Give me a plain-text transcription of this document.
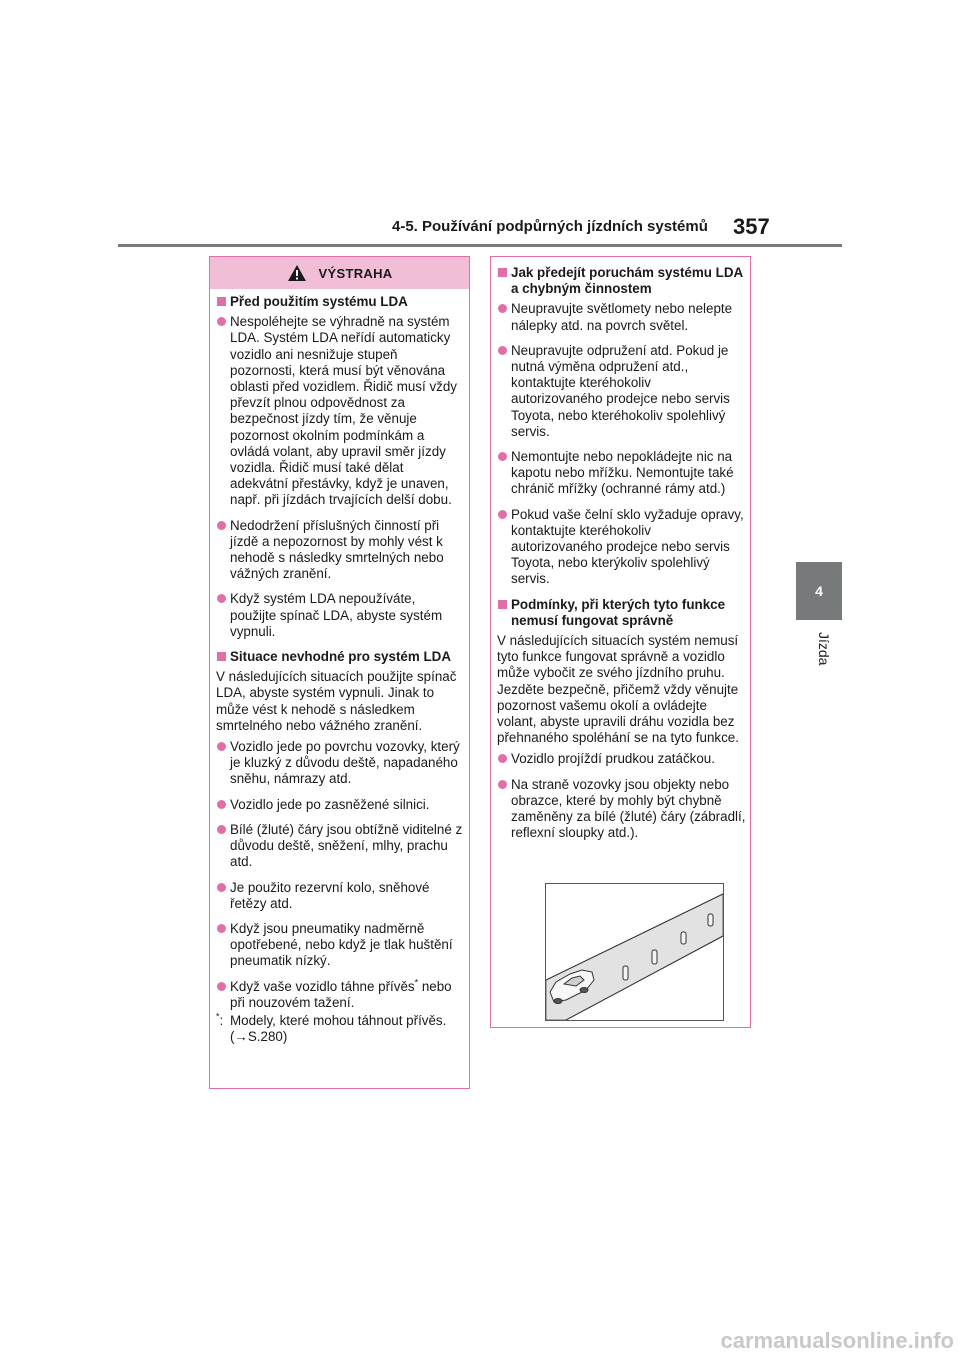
4-5. Používání podpůrných jízdních systémů 357
4
Jízda
VÝSTRAHA
Před použitím systému LDA
Nespoléhejte se výhradně na systém LDA. Systém LDA neřídí automaticky vozidlo ani nesnižuje stupeň pozornosti, která musí být věnována oblasti před vozidlem. Řidič musí vždy převzít plnou odpovědnost za bezpečnost jízdy tím, že věnuje pozornost okolním podmínkám a ovládá volant, aby upravil směr jízdy vozidla. Řidič musí také dělat adekvátní přestávky, když je unaven, např. při jízdách trvajících delší dobu.
Nedodržení příslušných činností při jízdě a nepozornost by mohly vést k nehodě s následky smrtelných nebo vážných zranění.
Když systém LDA nepoužíváte, použijte spínač LDA, abyste systém vypnuli.
Situace nevhodné pro systém LDA
V následujících situacích použijte spínač LDA, abyste systém vypnuli. Jinak to může vést k nehodě s následkem smrtelného nebo vážného zranění.
Vozidlo jede po povrchu vozovky, který je kluzký z důvodu deště, napadaného sněhu, námrazy atd.
Vozidlo jede po zasněžené silnici.
Bílé (žluté) čáry jsou obtížně viditelné z důvodu deště, sněžení, mlhy, prachu atd.
Je použito rezervní kolo, sněhové řetězy atd.
Když jsou pneumatiky nadměrně opotřebené, nebo když je tlak huštění pneumatik nízký.
Když vaše vozidlo táhne přívěs* nebo při nouzovém tažení.
*: Modely, které mohou táhnout přívěs. (→S.280)
Jak předejít poruchám systému LDA a chybným činnostem
Neupravujte světlomety nebo nelepte nálepky atd. na povrch světel.
Neupravujte odpružení atd. Pokud je nutná výměna odpružení atd., kontaktujte kteréhokoliv autorizovaného prodejce nebo servis Toyota, nebo kteréhokoliv spolehlivý servis.
Nemontujte nebo nepokládejte nic na kapotu nebo mřížku. Nemontujte také chránič mřížky (ochranné rámy atd.)
Pokud vaše čelní sklo vyžaduje opravy, kontaktujte kteréhokoliv autorizovaného prodejce nebo servis Toyota, nebo kterýkoliv spolehlivý servis.
Podmínky, při kterých tyto funkce nemusí fungovat správně
V následujících situacích systém nemusí tyto funkce fungovat správně a vozidlo může vybočit ze svého jízdního pruhu. Jezděte bezpečně, přičemž vždy věnujte pozornost vašemu okolí a ovládejte volant, abyste upravili dráhu vozidla bez přehnaného spoléhání se na tyto funkce.
Vozidlo projíždí prudkou zatáčkou.
Na straně vozovky jsou objekty nebo obrazce, které by mohly být chybně zaměněny za bílé (žluté) čáry (zábradlí, reflexní sloupky atd.).
carmanualsonline.info
